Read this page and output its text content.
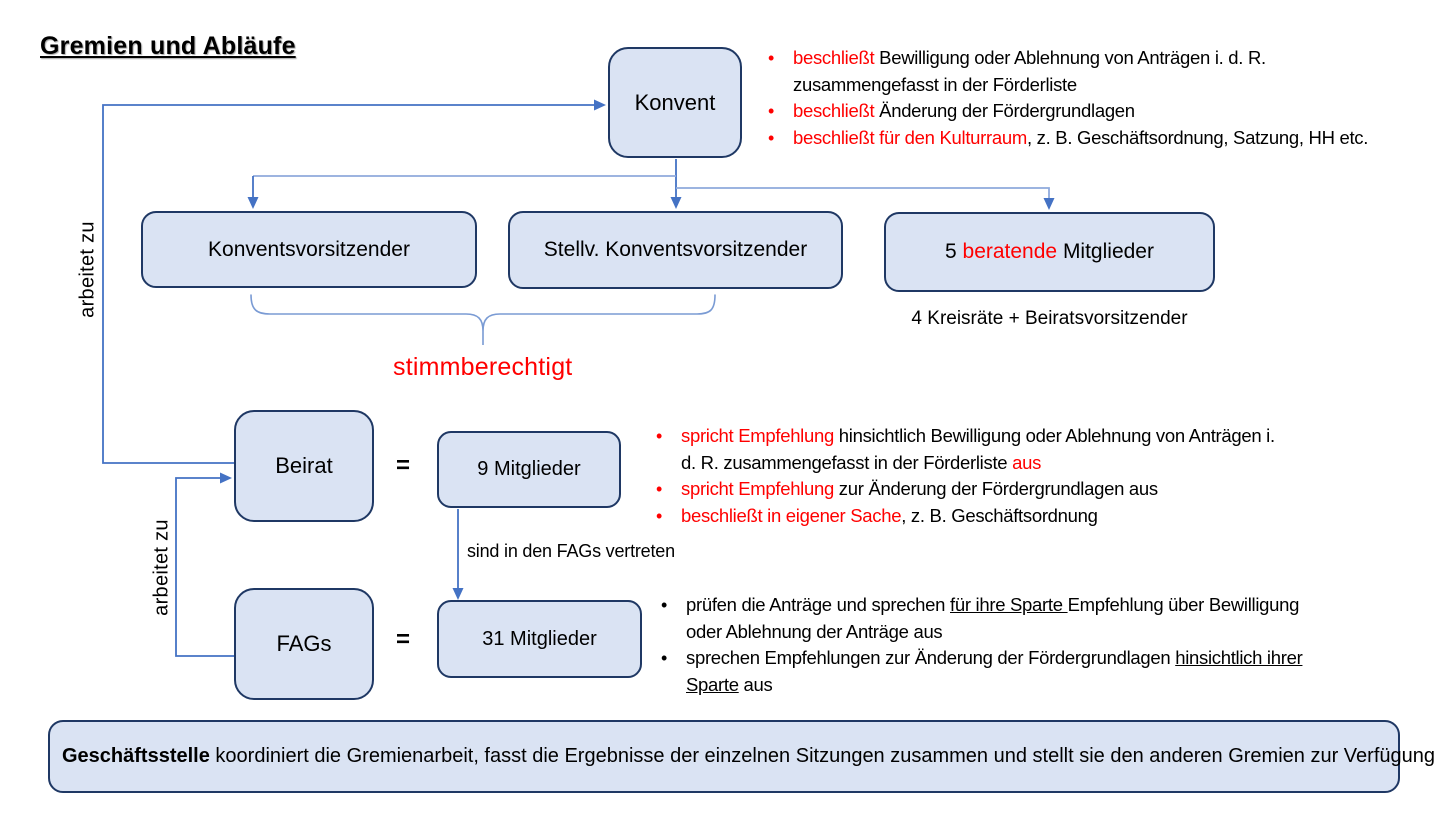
Gremien und Abläufe
Konvent
• beschließt Bewilligung oder Ablehnung von Anträgen i. d. R.
zusammengefasst in der Förderliste
• beschließt Änderung der Fördergrundlagen
• beschließt für den Kulturraum, z. B. Geschäftsordnung, Satzung, HH etc.
Konventsvorsitzender	Stellv. Konventsvorsitzender	5 beratende Mitglieder
4 Kreisräte + Beiratsvorsitzender
stimmberechtigt
arbeitet zu
arbeitet zu
Beirat	=	9 Mitglieder
• spricht Empfehlung hinsichtlich Bewilligung oder Ablehnung von Anträgen i.
d. R. zusammengefasst in der Förderliste aus
• spricht Empfehlung zur Änderung der Fördergrundlagen aus
• beschließt in eigener Sache, z. B. Geschäftsordnung
sind in den FAGs vertreten
FAGs	=	31 Mitglieder
• prüfen die Anträge und sprechen für ihre Sparte Empfehlung über Bewilligung
oder Ablehnung der Anträge aus
• sprechen Empfehlungen zur Änderung der Fördergrundlagen hinsichtlich ihrer
Sparte aus
Geschäftsstelle koordiniert die Gremienarbeit, fasst die Ergebnisse der einzelnen Sitzungen zusammen und stellt sie den anderen Gremien zur Verfügung
